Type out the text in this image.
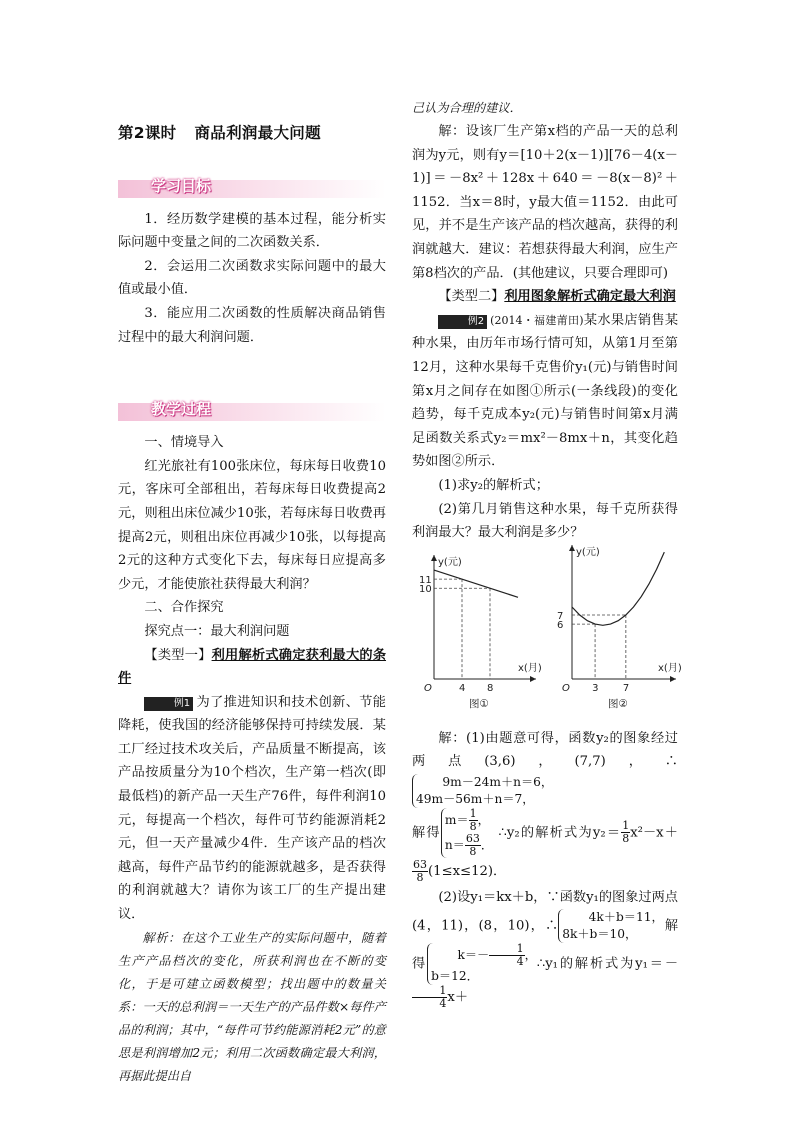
第2课时 商品利润最大问题
学习目标

1．经历数学建模的基本过程，能分析实际问题中变量之间的二次函数关系．

2．会运用二次函数求实际问题中的最大值或最小值．

3．能应用二次函数的性质解决商品销售过程中的最大利润问题．

教学过程

一、情境导入

红光旅社有100张床位，每床每日收费10元，客床可全部租出，若每床每日收费提高2元，则租出床位减少10张，若每床每日收费再提高2元，则租出床位再减少10张，以每提高2元的这种方式变化下去，每床每日应提高多少元，才能使旅社获得最大利润？

二、合作探究

探究点一：最大利润问题

【类型一】利用解析式确定获利最大的条件

例1 为了推进知识和技术创新、节能降耗，使我国的经济能够保持可持续发展．某工厂经过技术攻关后，产品质量不断提高，该产品按质量分为10个档次，生产第一档次(即最低档)的新产品一天生产76件，每件利润10元，每提高一个档次，每件可节约能源消耗2元，但一天产量减少4件．生产该产品的档次越高，每件产品节约的能源就越多，是否获得的利润就越大？请你为该工厂的生产提出建议．

解析：在这个工业生产的实际问题中，随着生产产品档次的变化，所获利润也在不断的变化，于是可建立函数模型；找出题中的数量关系：一天的总利润＝一天生产的产品件数×每件产品的利润；其中，“每件可节约能源消耗2元”的意思是利润增加2元；利用二次函数确定最大利润，再据此提出自

己认为合理的建议．

解：设该厂生产第x档的产品一天的总利润为y元，则有y＝[10＋2(x－1)][76－4(x－1)]＝－8x²＋128x＋640＝－8(x－8)²＋1152．当x＝8时，y最大值＝1152．由此可见，并不是生产该产品的档次越高，获得的利润就越大．建议：若想获得最大利润，应生产第8档次的产品．(其他建议，只要合理即可)

【类型二】利用图象解析式确定最大利润

例2 (2014・福建莆田)某水果店销售某种水果，由历年市场行情可知，从第1月至第12月，这种水果每千克售价y₁(元)与销售时间第x月之间存在如图①所示(一条线段)的变化趋势，每千克成本y₂(元)与销售时间第x月满足函数关系式y₂＝mx²－8mx＋n，其变化趋势如图②所示．

(1)求y₂的解析式；

(2)第几月销售这种水果，每千克所获得利润最大？最大利润是多少？

y(元)
x(月)
O	4 8
10
11
图①
y(元)
x(月)
O 3 7
6
7
图②

解：(1)由题意可得，函数y₂的图象经过两点(3,6)，(7,7)，∴9m－24m＋n＝6，
49m－56m＋n＝7，

解得$m= \frac{1}{8}$ ，
$n= \frac{63}{8}$ ． ∴y₂的解析式为$y_2= \frac{1}{8} x^2-x+$
$\frac{63}{8} (1\le x\le 12)$．

(2)设y₁＝kx＋b，∵函数y₁的图象过两点(4，11)，(8，10)，∴4k＋b＝11，
8k＋b＝10，解得$k=- \frac{1}{4}$ ，
b＝12．∴y₁的解析式为y₁＝－
$\frac{1}{4} x+$
